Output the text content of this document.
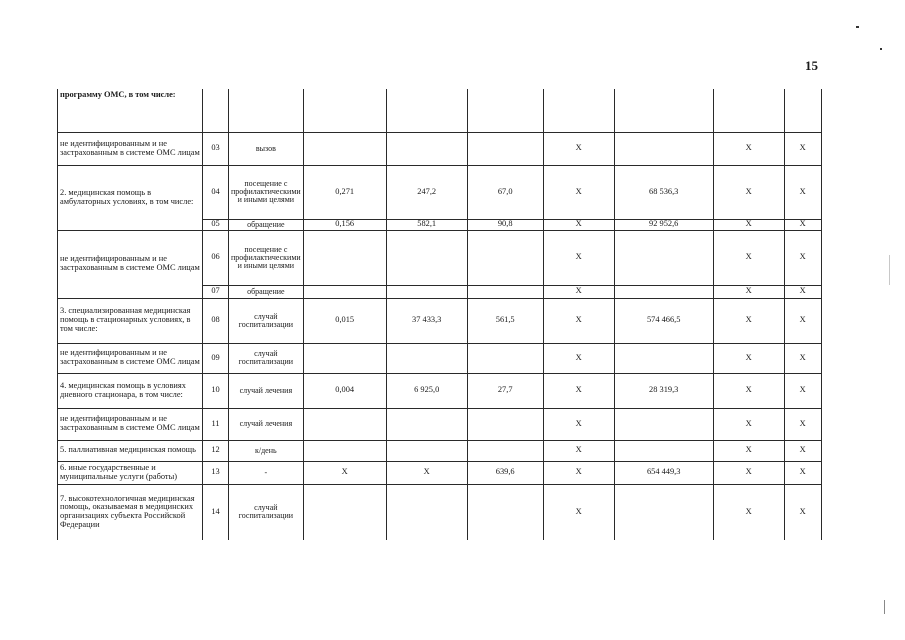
15
программу ОМС, в том числе:									
не идентифицированным и не застрахованным в системе ОМС лицам	03	вызов				X		X	X
2. медицинская помощь в амбулаторных условиях, в том числе:	04	посещение с профилактическими и иными целями	0,271	247,2	67,0	X	68 536,3	X	X
	05	обращение	0,156	582,1	90,8	X	92 952,6	X	X
не идентифицированным и не застрахованным в системе ОМС лицам	06	посещение с профилактическими и иными целями				X		X	X
	07	обращение				X		X	X
3. специализированная медицинская помощь в стационарных условиях, в том числе:	08	случай госпитализации	0,015	37 433,3	561,5	X	574 466,5	X	X
не идентифицированным и не застрахованным в системе ОМС лицам	09	случай госпитализации				X		X	X
4. медицинская помощь в условиях дневного стационара, в том числе:	10	случай лечения	0,004	6 925,0	27,7	X	28 319,3	X	X
не идентифицированным и не застрахованным в системе ОМС лицам	11	случай лечения				X		X	X
5. паллиативная медицинская помощь	12	к/день				X		X	X
6. иные государственные и муниципальные услуги (работы)	13	-	X	X	639,6	X	654 449,3	X	X
7. высокотехнологичная медицинская помощь, оказываемая в медицинских организациях субъекта Российской Федерации	14	случай госпитализации				X		X	X
